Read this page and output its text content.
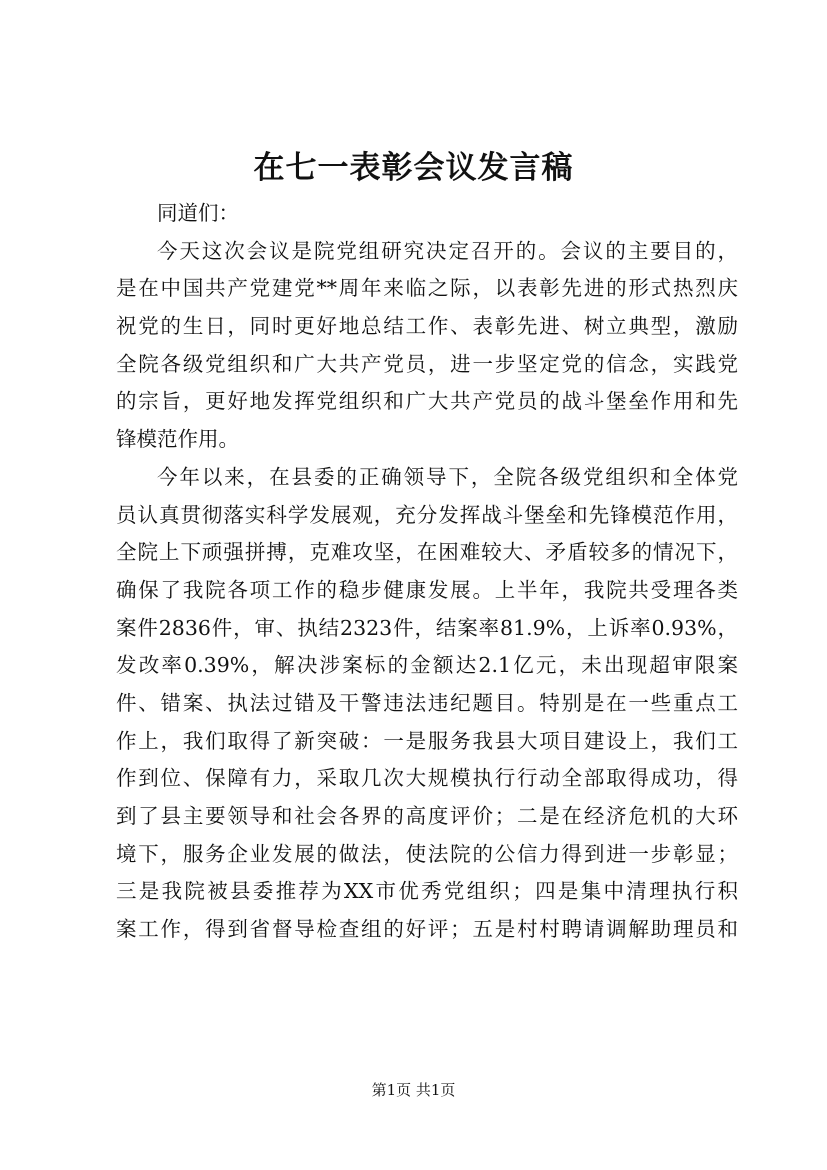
在七一表彰会议发言稿
同道们：
今天这次会议是院党组研究决定召开的。会议的主要目的，
是在中国共产党建党**周年来临之际，以表彰先进的形式热烈庆
祝党的生日，同时更好地总结工作、表彰先进、树立典型，激励
全院各级党组织和广大共产党员，进一步坚定党的信念，实践党
的宗旨，更好地发挥党组织和广大共产党员的战斗堡垒作用和先
锋模范作用。
今年以来，在县委的正确领导下，全院各级党组织和全体党
员认真贯彻落实科学发展观，充分发挥战斗堡垒和先锋模范作用，
全院上下顽强拼搏，克难攻坚，在困难较大、矛盾较多的情况下，
确保了我院各项工作的稳步健康发展。上半年，我院共受理各类
案件2836件，审、执结2323件，结案率81.9%，上诉率0.93%，
发改率0.39%，解决涉案标的金额达2.1亿元，未出现超审限案
件、错案、执法过错及干警违法违纪题目。特别是在一些重点工
作上，我们取得了新突破：一是服务我县大项目建设上，我们工
作到位、保障有力，采取几次大规模执行行动全部取得成功，得
到了县主要领导和社会各界的高度评价；二是在经济危机的大环
境下，服务企业发展的做法，使法院的公信力得到进一步彰显；
三是我院被县委推荐为XX市优秀党组织；四是集中清理执行积
案工作，得到省督导检查组的好评；五是村村聘请调解助理员和
第1页 共1页
